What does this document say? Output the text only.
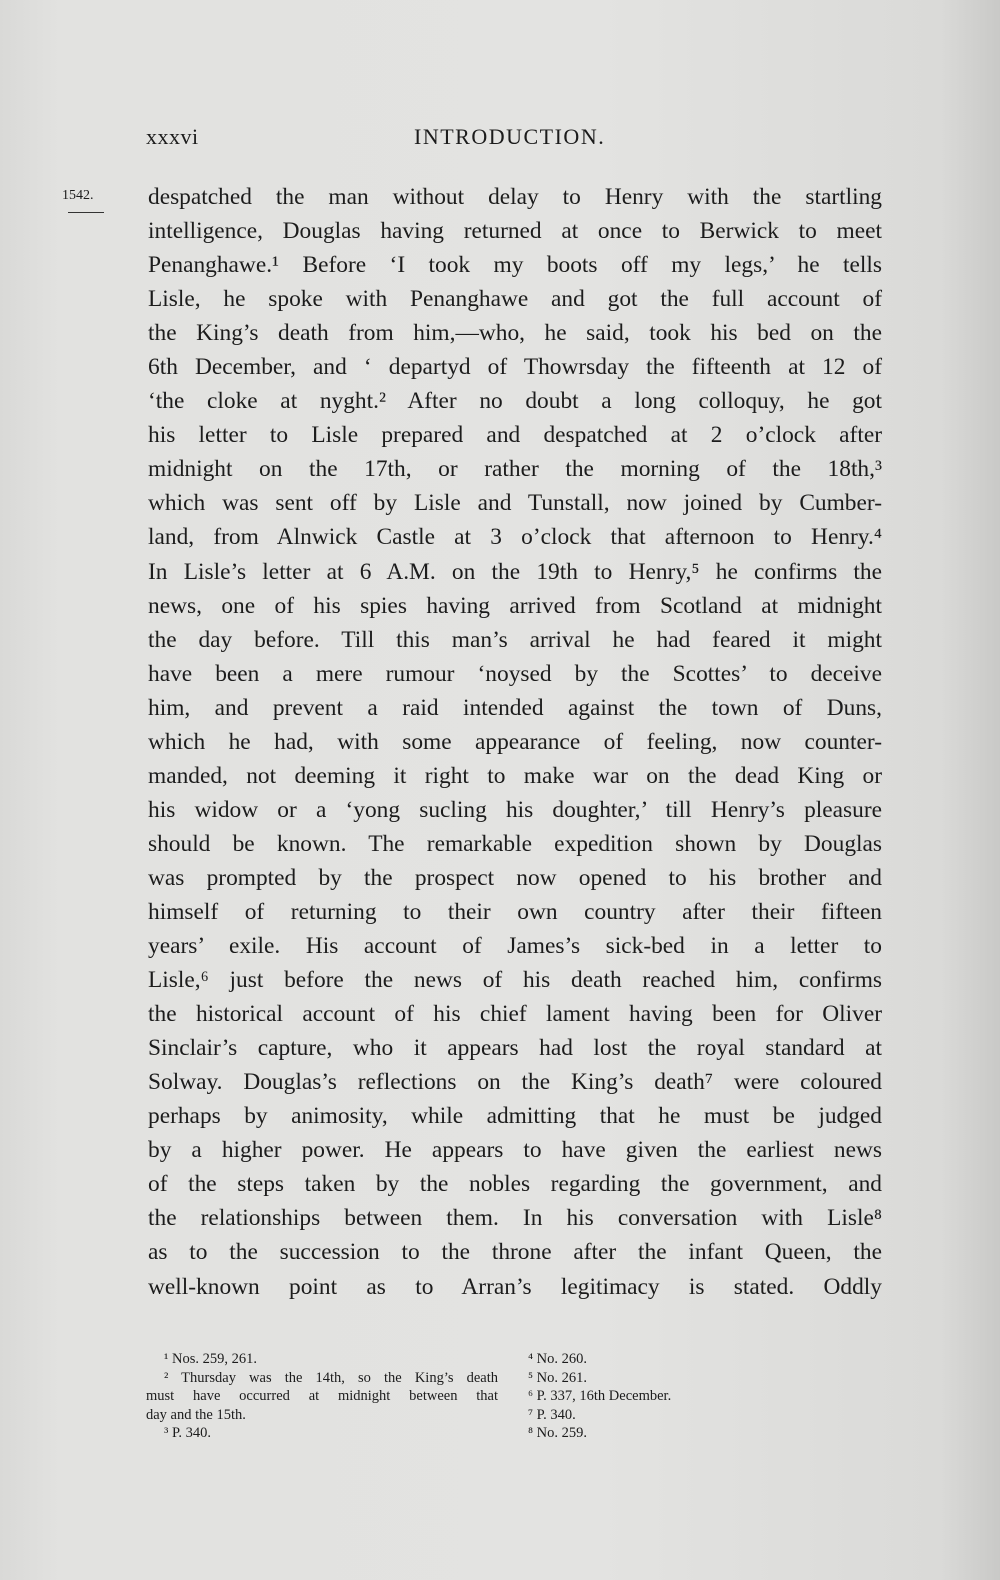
xxxvi	INTRODUCTION.
1542. despatched the man without delay to Henry with the startling
intelligence, Douglas having returned at once to Berwick to meet
Penanghawe.¹ Before ‘I took my boots off my legs,’ he tells
Lisle, he spoke with Penanghawe and got the full account of
the King’s death from him,—who, he said, took his bed on the
6th December, and ‘ departyd of Thowrsday the fifteenth at 12 of
‘the cloke at nyght.² After no doubt a long colloquy, he got
his letter to Lisle prepared and despatched at 2 o’clock after
midnight on the 17th, or rather the morning of the 18th,³
which was sent off by Lisle and Tunstall, now joined by Cumber-
land, from Alnwick Castle at 3 o’clock that afternoon to Henry.⁴
In Lisle’s letter at 6 A.M. on the 19th to Henry,⁵ he confirms the
news, one of his spies having arrived from Scotland at midnight
the day before. Till this man’s arrival he had feared it might
have been a mere rumour ‘noysed by the Scottes’ to deceive
him, and prevent a raid intended against the town of Duns,
which he had, with some appearance of feeling, now counter-
manded, not deeming it right to make war on the dead King or
his widow or a ‘yong sucling his doughter,’ till Henry’s pleasure
should be known. The remarkable expedition shown by Douglas
was prompted by the prospect now opened to his brother and
himself of returning to their own country after their fifteen
years’ exile. His account of James’s sick-bed in a letter to
Lisle,⁶ just before the news of his death reached him, confirms
the historical account of his chief lament having been for Oliver
Sinclair’s capture, who it appears had lost the royal standard at
Solway. Douglas’s reflections on the King’s death⁷ were coloured
perhaps by animosity, while admitting that he must be judged
by a higher power. He appears to have given the earliest news
of the steps taken by the nobles regarding the government, and
the relationships between them. In his conversation with Lisle⁸
as to the succession to the throne after the infant Queen, the
well-known point as to Arran’s legitimacy is stated. Oddly
¹ Nos. 259, 261.
² Thursday was the 14th, so the King’s death
must have occurred at midnight between that
day and the 15th.
³ P. 340.
⁴ No. 260.
⁵ No. 261.
⁶ P. 337, 16th December.
⁷ P. 340.
⁸ No. 259.
